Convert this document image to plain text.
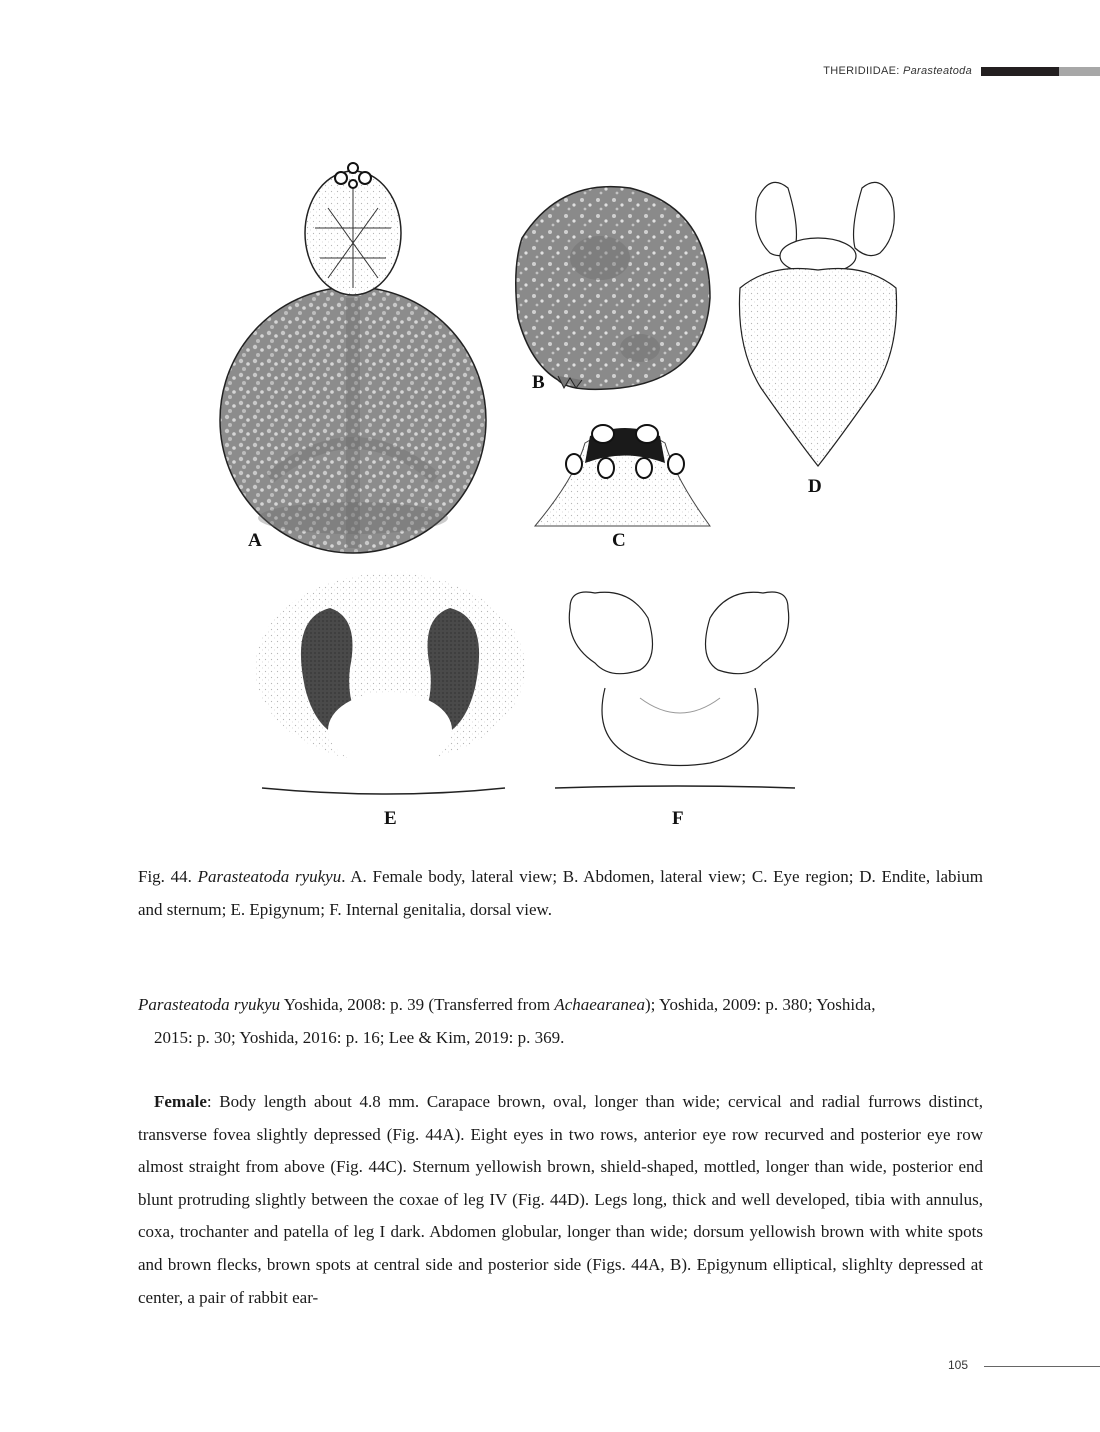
THERIDIIDAE: Parasteatoda
A
B
C
D
E	F
Fig. 44. Parasteatoda ryukyu. A. Female body, lateral view; B. Abdomen, lateral view; C. Eye region; D. Endite, labium and sternum; E. Epigynum; F. Internal genitalia, dorsal view.
Parasteatoda ryukyu Yoshida, 2008: p. 39 (Transferred from Achaearanea); Yoshida, 2009: p. 380; Yoshida,
2015: p. 30; Yoshida, 2016: p. 16; Lee & Kim, 2019: p. 369.

Female: Body length about 4.8 mm. Carapace brown, oval, longer than wide; cervical and radial furrows distinct, transverse fovea slightly depressed (Fig. 44A). Eight eyes in two rows, anterior eye row recurved and posterior eye row almost straight from above (Fig. 44C). Sternum yellowish brown, shield-shaped, mottled, longer than wide, posterior end blunt protruding slightly between the coxae of leg IV (Fig. 44D). Legs long, thick and well developed, tibia with annulus, coxa, trochanter and patella of leg I dark. Abdomen globular, longer than wide; dorsum yellowish brown with white spots and brown flecks, brown spots at central side and posterior side (Figs. 44A, B). Epigynum elliptical, slighlty depressed at center, a pair of rabbit ear-

105
